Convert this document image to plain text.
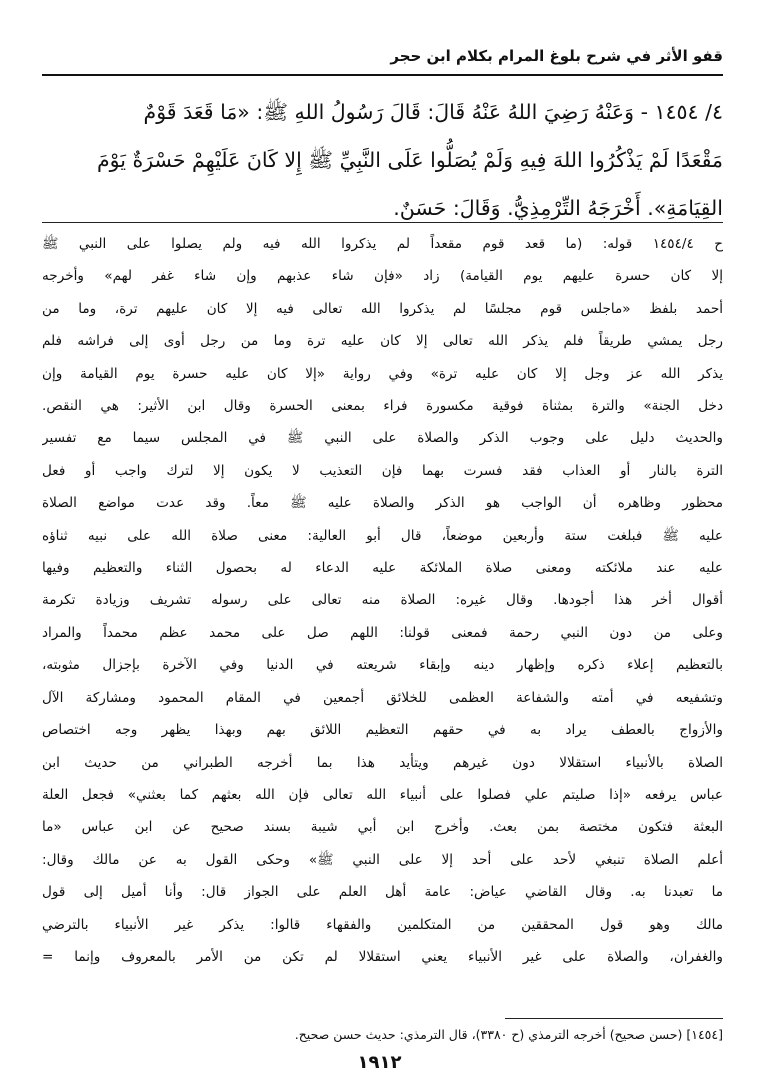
قفو الأثر في شرح بلوغ المرام بكلام ابن حجر
٤/ ١٤٥٤ - وَعَنْهُ رَضِيَ اللهُ عَنْهُ قَالَ: قَالَ رَسُولُ اللهِ ﷺ: «مَا قَعَدَ قَوْمٌ
مَقْعَدًا لَمْ يَذْكُرُوا اللهَ فِيهِ وَلَمْ يُصَلُّوا عَلَى النَّبِيِّ ﷺ إِلا كَانَ عَلَيْهِمْ حَسْرَةٌ يَوْمَ
القِيَامَةِ». أَخْرَجَهُ التِّرْمِذِيُّ. وَقَالَ: حَسَنٌ.
ح ١٤٥٤/٤ قوله: (ما قعد قوم مقعداً لم يذكروا الله فيه ولم يصلوا على النبي ﷺ
إلا كان حسرة عليهم يوم القيامة) زاد «فإن شاء عذبهم وإن شاء غفر لهم» وأخرجه
أحمد بلفظ «ماجلس قوم مجلسًا لم يذكروا الله تعالى فيه إلا كان عليهم ترة، وما من
رجل يمشي طريقاً فلم يذكر الله تعالى إلا كان عليه ترة وما من رجل أوى إلى فراشه فلم
يذكر الله عز وجل إلا كان عليه ترة» وفي رواية «إلا كان عليه حسرة يوم القيامة وإن
دخل الجنة» والترة بمثناة فوقية مكسورة فراء بمعنى الحسرة وقال ابن الأثير: هي النقص.
والحديث دليل على وجوب الذكر والصلاة على النبي ﷺ في المجلس سيما مع تفسير
الترة بالنار أو العذاب فقد فسرت بهما فإن التعذيب لا يكون إلا لترك واجب أو فعل
محظور وظاهره أن الواجب هو الذكر والصلاة عليه ﷺ معاً. وقد عدت مواضع الصلاة
عليه ﷺ فبلغت ستة وأربعين موضعاً، قال أبو العالية: معنى صلاة الله على نبيه ثناؤه
عليه عند ملائكته ومعنى صلاة الملائكة عليه الدعاء له بحصول الثناء والتعظيم وفيها
أقوال أخر هذا أجودها. وقال غيره: الصلاة منه تعالى على رسوله تشريف وزيادة تكرمة
وعلى من دون النبي رحمة فمعنى قولنا: اللهم صل على محمد عظم محمداً والمراد
بالتعظيم إعلاء ذكره وإظهار دينه وإبقاء شريعته في الدنيا وفي الآخرة بإجزال مثوبته،
وتشفيعه في أمته والشفاعة العظمى للخلائق أجمعين في المقام المحمود ومشاركة الآل
والأزواج بالعطف يراد به في حقهم التعظيم اللائق بهم وبهذا يظهر وجه اختصاص
الصلاة بالأنبياء استقلالا دون غيرهم ويتأيد هذا بما أخرجه الطبراني من حديث ابن
عباس يرفعه «إذا صليتم علي فصلوا على أنبياء الله تعالى فإن الله بعثهم كما بعثني» فجعل العلة
البعثة فتكون مختصة بمن بعث. وأخرج ابن أبي شيبة بسند صحيح عن ابن عباس «ما
أعلم الصلاة تنبغي لأحد على أحد إلا على النبي ﷺ» وحكى القول به عن مالك وقال:
ما تعبدنا به. وقال القاضي عياض: عامة أهل العلم على الجواز قال: وأنا أميل إلى قول
مالك وهو قول المحققين من المتكلمين والفقهاء قالوا: يذكر غير الأنبياء بالترضي
والغفران، والصلاة على غير الأنبياء يعني استقلالا لم تكن من الأمر بالمعروف وإنما =
[١٤٥٤] (حسن صحيح) أخرجه الترمذي (ح ٣٣٨٠)، قال الترمذي: حديث حسن صحيح.
١٩١٢
